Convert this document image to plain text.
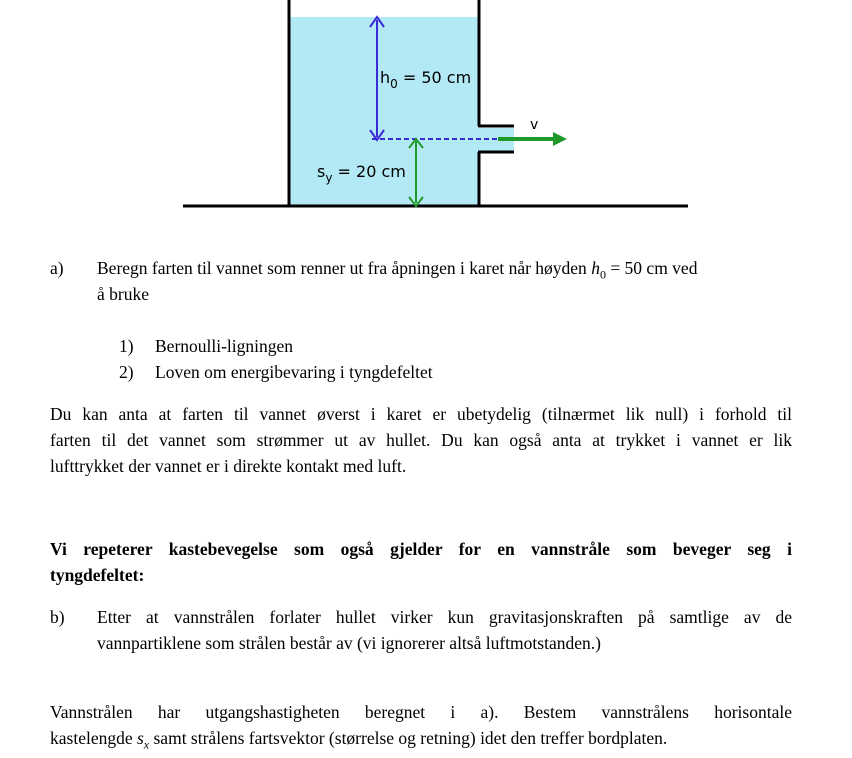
$h_0 = 50$ cm
$s_y = 20$ cm
v
a) Beregn farten til vannet som renner ut fra åpningen i karet når høyden $h_0 = 50$ cm ved
å bruke
1) Bernoulli-ligningen
2) Loven om energibevaring i tyngdefeltet
Du kan anta at farten til vannet øverst i karet er ubetydelig (tilnærmet lik null) i forhold til
farten til det vannet som strømmer ut av hullet. Du kan også anta at trykket i vannet er lik
lufttrykket der vannet er i direkte kontakt med luft.
Vi repeterer kastebevegelse som også gjelder for en vannstråle som beveger seg i
tyngdefeltet:
b) Etter at vannstrålen forlater hullet virker kun gravitasjonskraften på samtlige av de
vannpartiklene som strålen består av (vi ignorerer altså luftmotstanden.)
Vannstrålen har utgangshastigheten beregnet i a). Bestem vannstrålens horisontale
kastelengde $s_x$ samt strålens fartsvektor (størrelse og retning) idet den treffer bordplaten.
